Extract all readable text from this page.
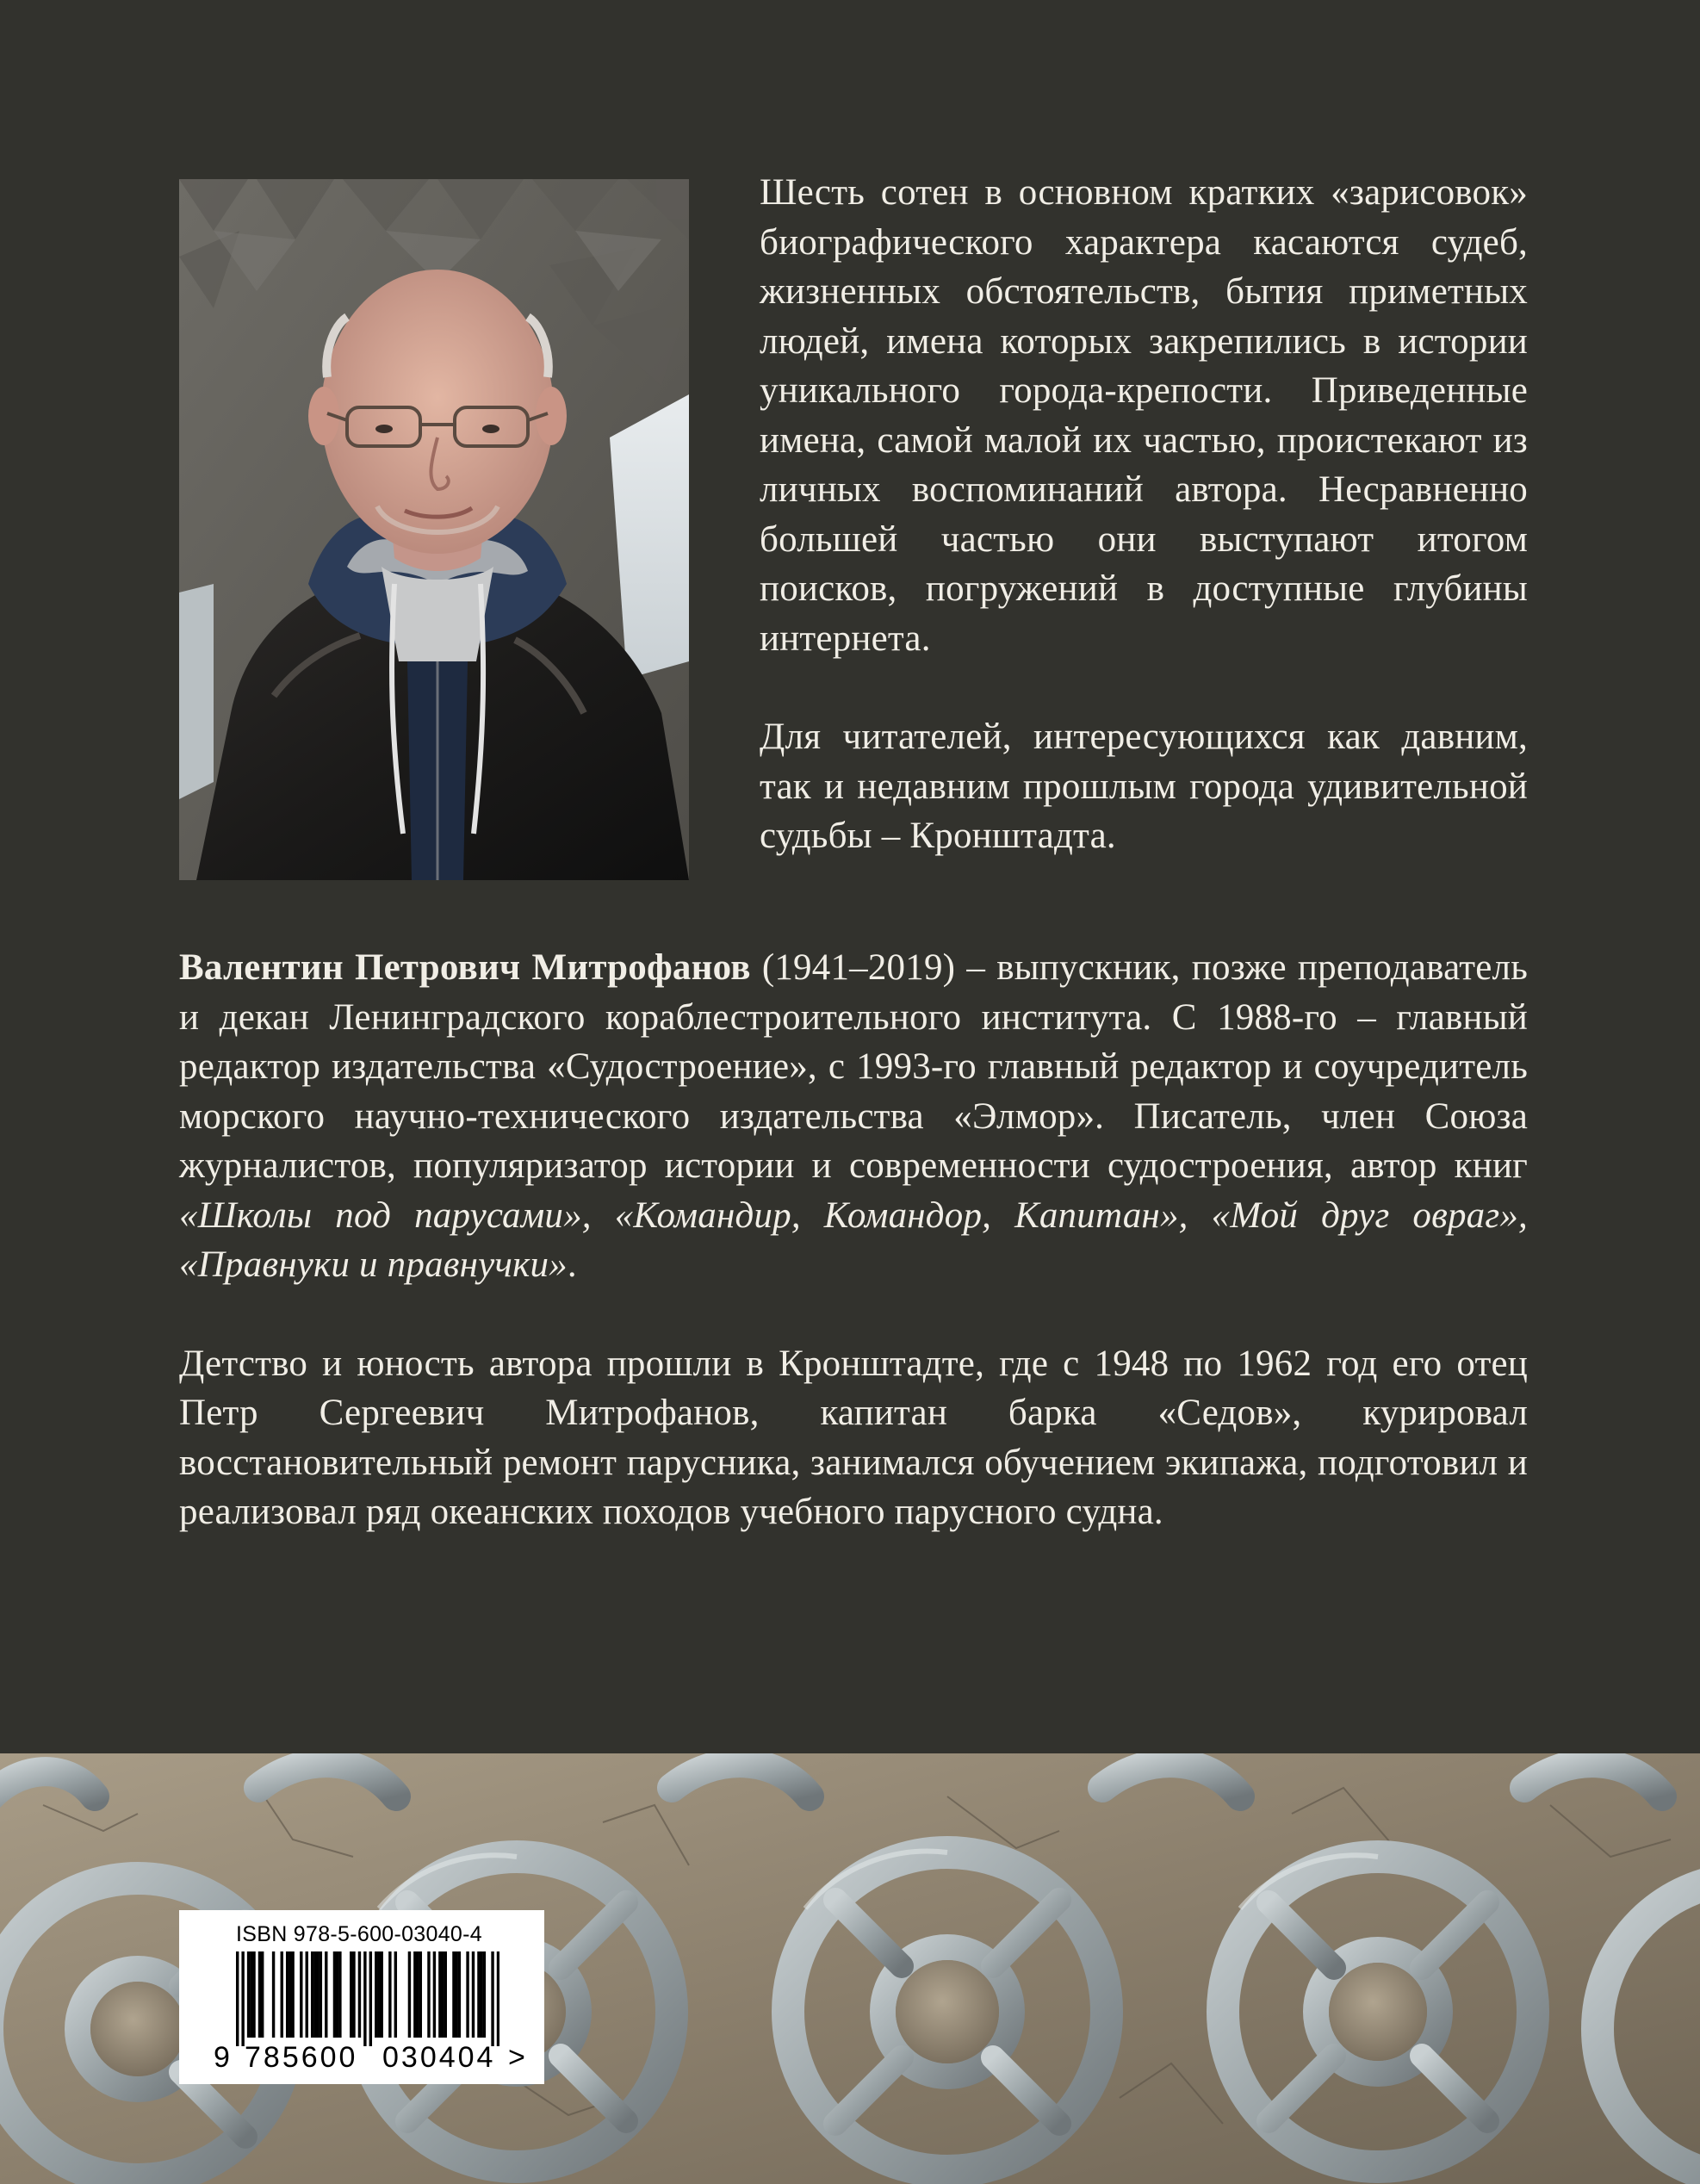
Шесть сотен в основном кратких «зарисовок» биографического характера касаются судеб, жизненных обстоятельств, бытия приметных людей, имена которых закрепились в истории уникального города-крепости. Приведенные имена, самой малой их частью, проистекают из личных воспоминаний автора. Несравненно большей частью они выступают итогом поисков, погружений в доступные глубины интернета.

Для читателей, интересующихся как давним, так и недавним прошлым города удивительной судьбы – Кронштадта.

Валентин Петрович Митрофанов (1941–2019) – выпускник, позже преподаватель и декан Ленинградского кораблестроительного института. С 1988-го – главный редактор издательства «Судостроение», с 1993-го главный редактор и соучредитель морского научно-технического издательства «Элмор». Писатель, член Союза журналистов, популяризатор истории и современности судостроения, автор книг «Школы под парусами», «Командир, Командор, Капитан», «Мой друг овраг», «Правнуки и правнучки».

Детство и юность автора прошли в Кронштадте, где с 1948 по 1962 год его отец Петр Сергеевич Митрофанов, капитан барка «Седов», курировал восстановительный ремонт парусника, занимался обучением экипажа, подготовил и реализовал ряд океанских походов учебного парусного судна.

ISBN 978-5-600-03040-4
9 785600 030404 >
